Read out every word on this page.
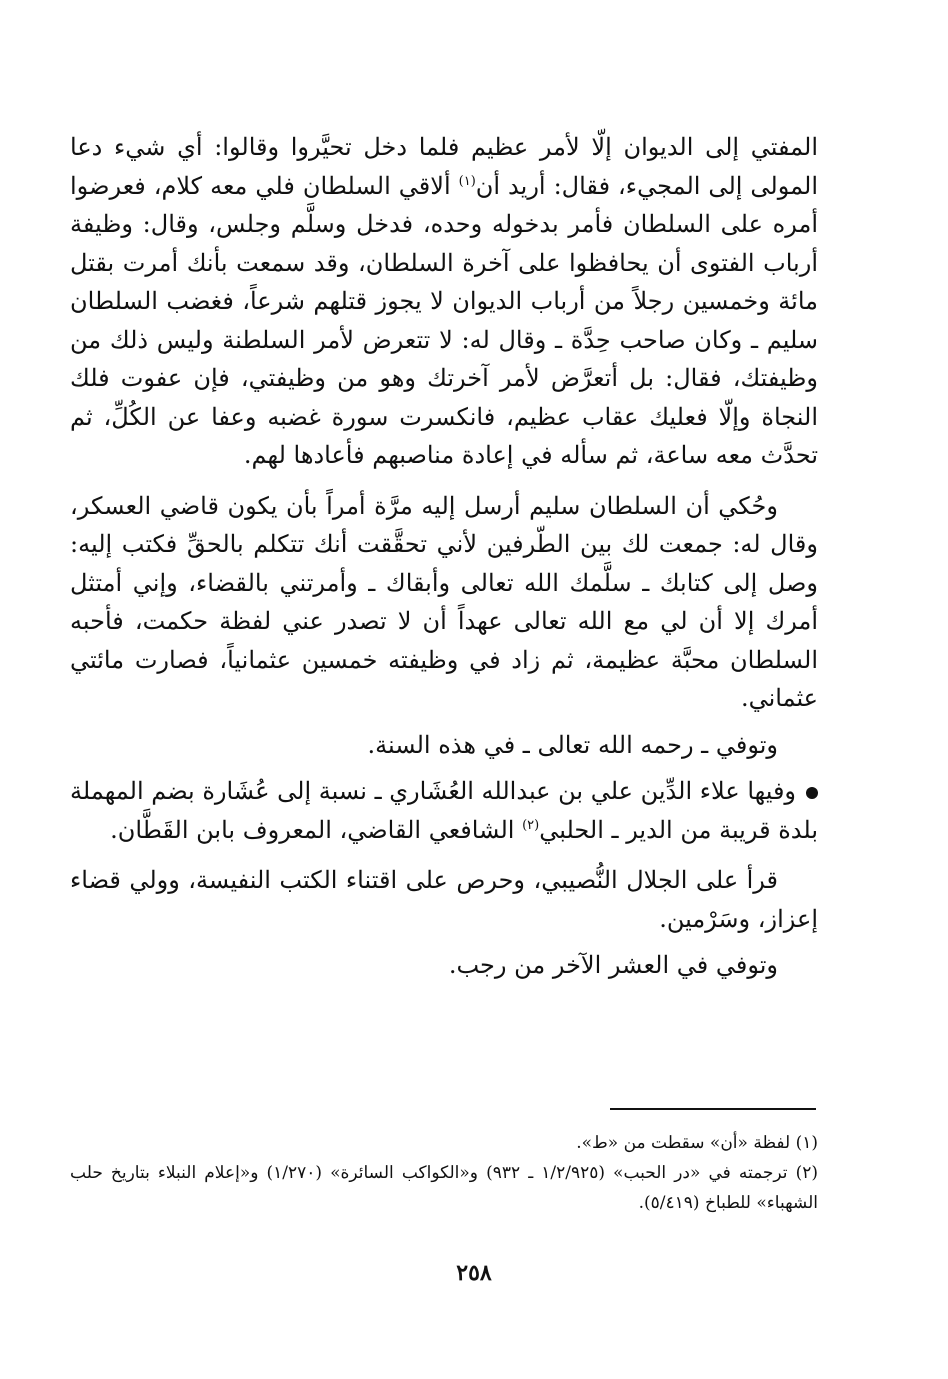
المفتي إلى الديوان إلّا لأمر عظيم فلما دخل تحيَّروا وقالوا: أي شيء دعا المولى إلى المجيء، فقال: أريد أن$^{(١)}$ ألاقي السلطان فلي معه كلام، فعرضوا أمره على السلطان فأمر بدخوله وحده، فدخل وسلَّم وجلس، وقال: وظيفة أرباب الفتوى أن يحافظوا على آخرة السلطان، وقد سمعت بأنك أمرت بقتل مائة وخمسين رجلاً من أرباب الديوان لا يجوز قتلهم شرعاً، فغضب السلطان سليم ـ وكان صاحب حِدَّة ـ وقال له: لا تتعرض لأمر السلطنة وليس ذلك من وظيفتك، فقال: بل أتعرَّض لأمر آخرتك وهو من وظيفتي، فإن عفوت فلك النجاة وإلّا فعليك عقاب عظيم، فانكسرت سورة غضبه وعفا عن الكُلِّ، ثم تحدَّث معه ساعة، ثم سأله في إعادة مناصبهم فأعادها لهم.

وحُكي أن السلطان سليم أرسل إليه مرَّة أمراً بأن يكون قاضي العسكر، وقال له: جمعت لك بين الطّرفين لأني تحقَّقت أنك تتكلم بالحقِّ فكتب إليه: وصل إلى كتابك ـ سلَّمك الله تعالى وأبقاك ـ وأمرتني بالقضاء، وإني أمتثل أمرك إلا أن لي مع الله تعالى عهداً أن لا تصدر عني لفظة حكمت، فأحبه السلطان محبَّة عظيمة، ثم زاد في وظيفته خمسين عثمانياً، فصارت مائتي عثماني.

وتوفي ـ رحمه الله تعالى ـ في هذه السنة.

وفيها علاء الدِّين علي بن عبدالله العُشَاري ـ نسبة إلى عُشَارة بضم المهملة بلدة قريبة من الدير ـ الحلبي$^{(٢)}$ الشافعي القاضي، المعروف بابن القَطَّان.

قرأ على الجلال النُّصيبي، وحرص على اقتناء الكتب النفيسة، وولي قضاء إعزاز، وسَرْمين.

وتوفي في العشر الآخر من رجب.

(١) لفظة «أن» سقطت من «ط».

(٢) ترجمته في «در الحبب» (١/٢/٩٢٥ ـ ٩٣٢) و«الكواكب السائرة» (١/٢٧٠) و«إعلام النبلاء بتاريخ حلب الشهباء» للطباخ (٥/٤١٩).

٢٥٨
